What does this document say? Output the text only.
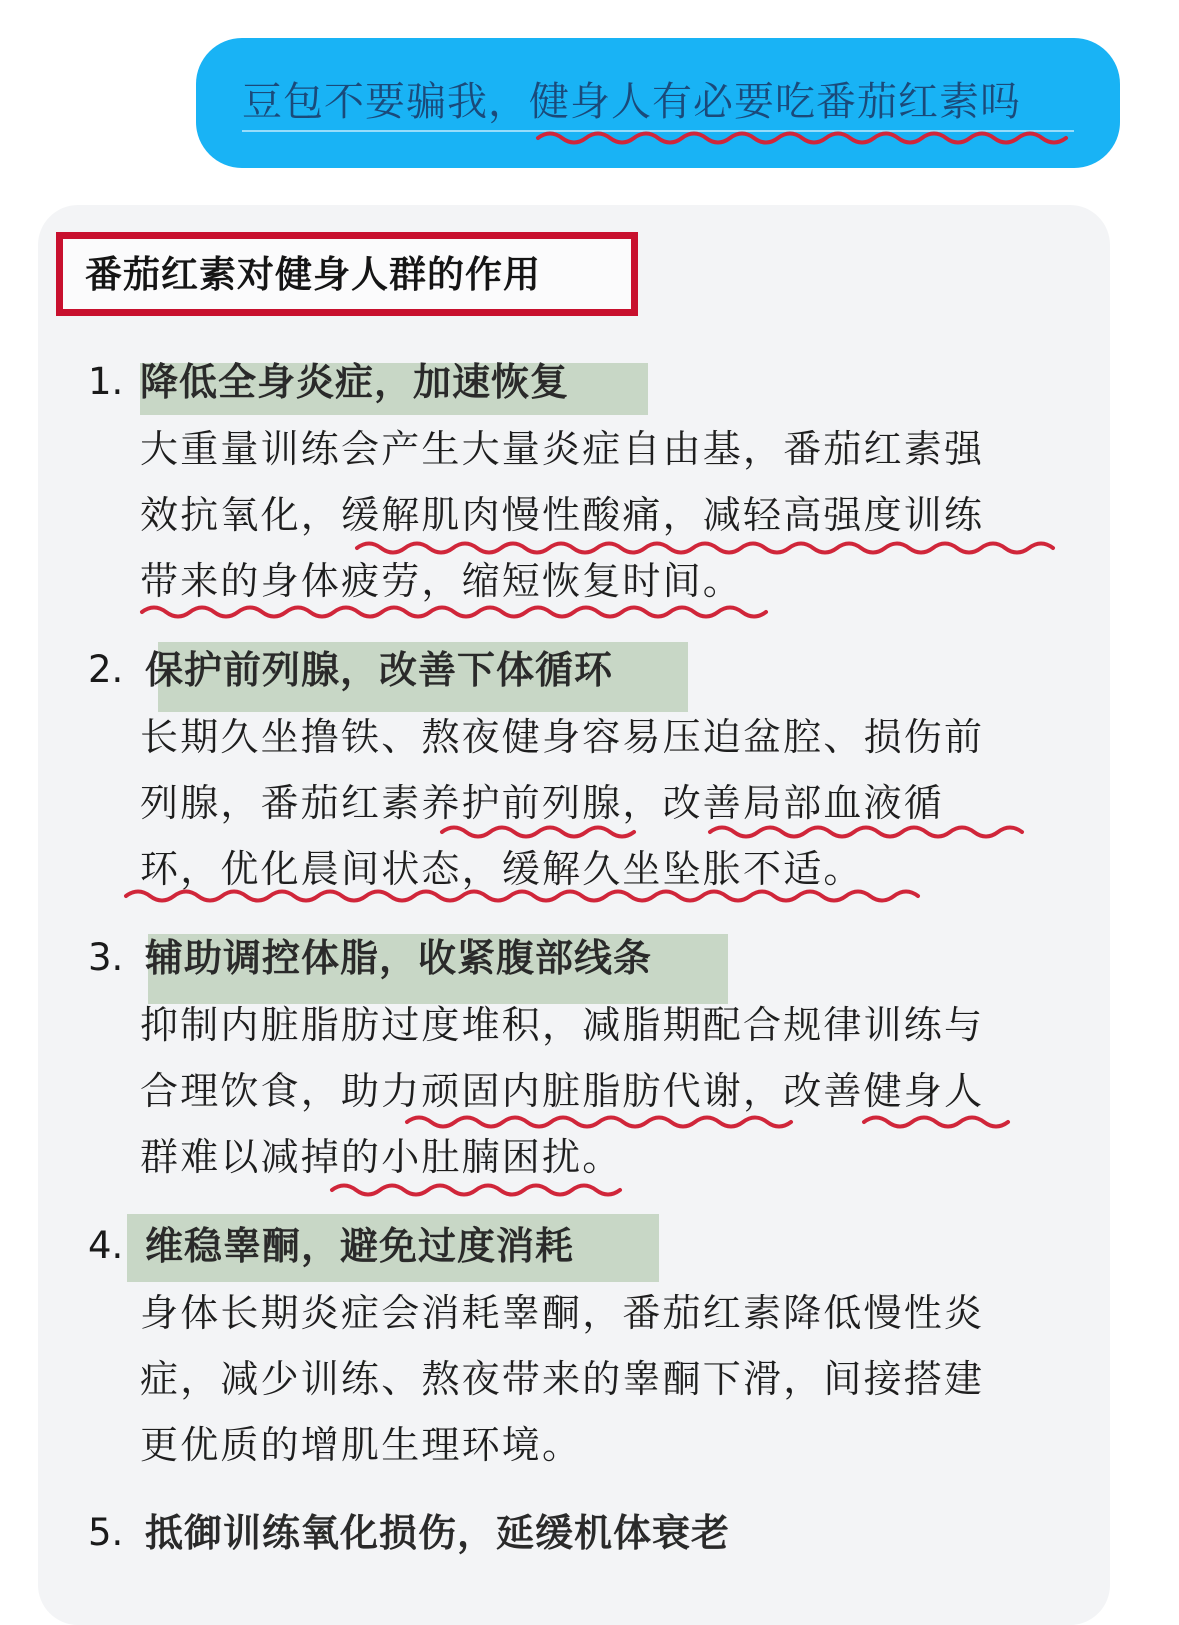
豆包不要骗我，健身人有必要吃番茄红素吗
番茄红素对健身人群的作用
1. 降低全身炎症，加速恢复
大重量训练会产生大量炎症自由基，番茄红素强
效抗氧化，缓解肌肉慢性酸痛，减轻高强度训练
带来的身体疲劳，缩短恢复时间。
2. 保护前列腺，改善下体循环
长期久坐撸铁、熬夜健身容易压迫盆腔、损伤前
列腺，番茄红素养护前列腺，改善局部血液循
环，优化晨间状态，缓解久坐坠胀不适。
3. 辅助调控体脂，收紧腹部线条
抑制内脏脂肪过度堆积，减脂期配合规律训练与
合理饮食，助力顽固内脏脂肪代谢，改善健身人
群难以减掉的小肚腩困扰。
4. 维稳睾酮，避免过度消耗
身体长期炎症会消耗睾酮，番茄红素降低慢性炎
症，减少训练、熬夜带来的睾酮下滑，间接搭建
更优质的增肌生理环境。
5. 抵御训练氧化损伤，延缓机体衰老
